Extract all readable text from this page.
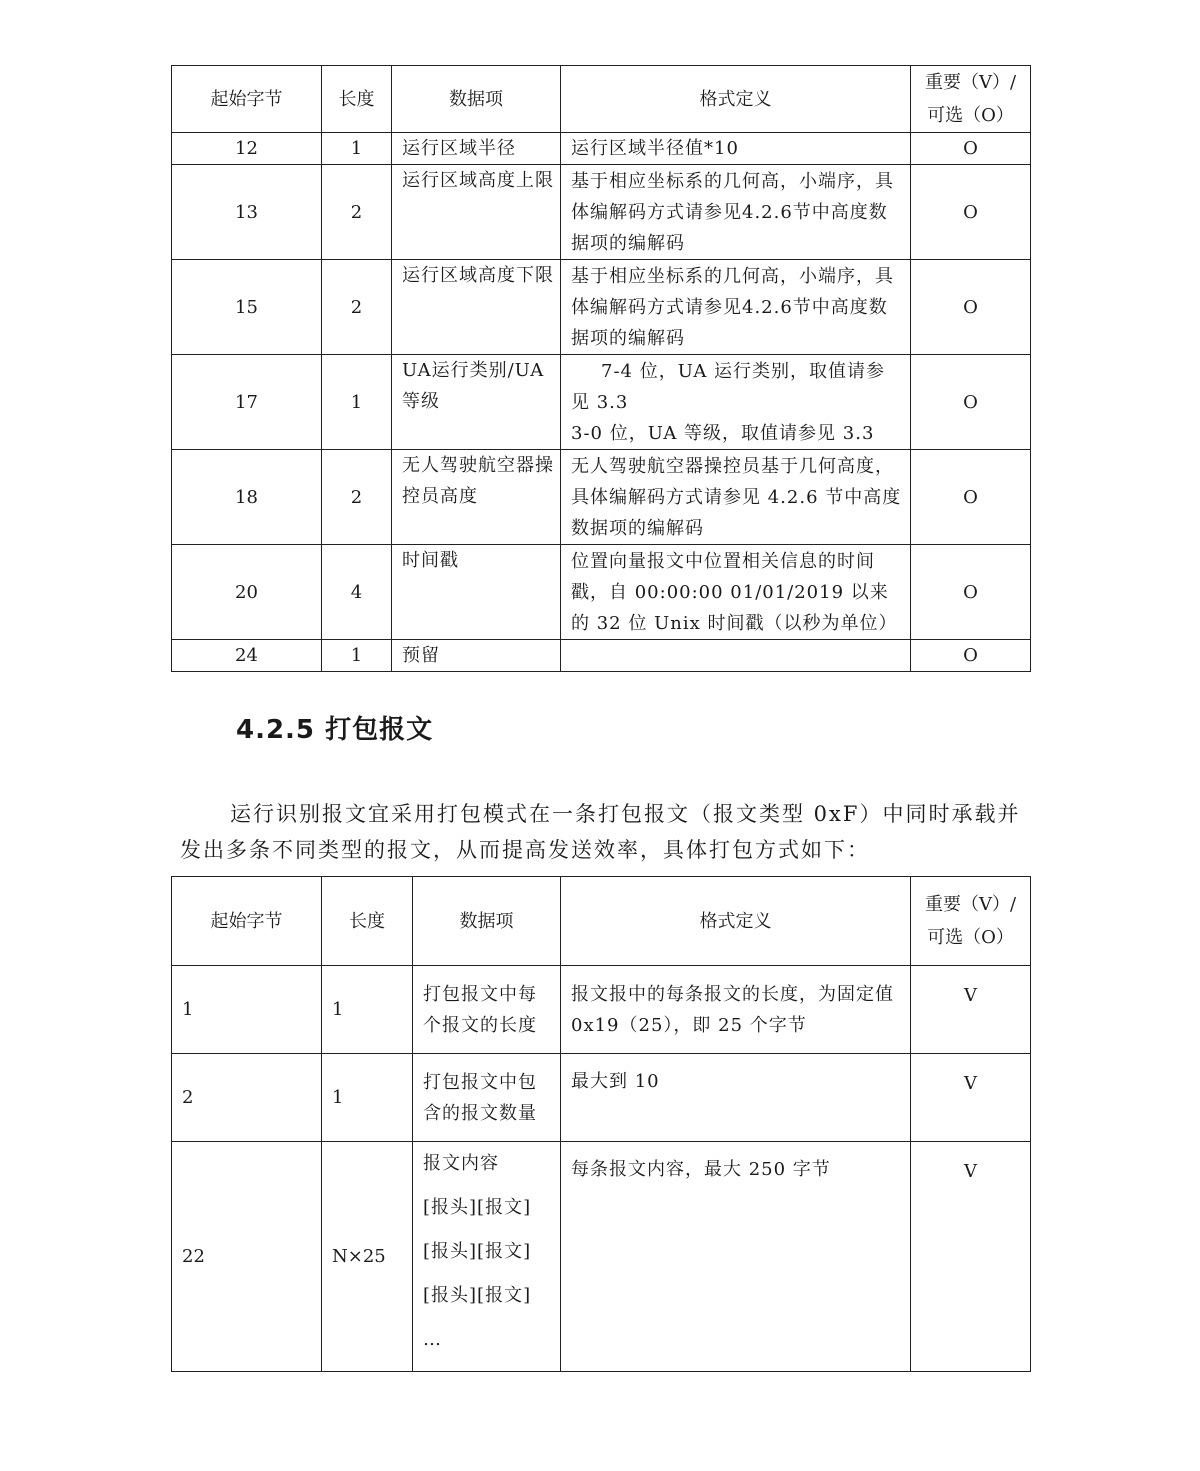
起始字节	长度	数据项	格式定义	重要（V）/
可选（O）

12	1	运行区域半径	运行区域半径值*10	O
13	2	运行区域高度上限	基于相应坐标系的几何高，小端序，具体编解码方式请参见4.2.6节中高度数据项的编解码	O
15	2	运行区域高度下限	基于相应坐标系的几何高，小端序，具体编解码方式请参见4.2.6节中高度数据项的编解码	O
17	1	UA运行类别/UA等级	7-4 位，UA 运行类别，取值请参见 3.3
3-0 位，UA 等级，取值请参见 3.3	O
18	2	无人驾驶航空器操控员高度	无人驾驶航空器操控员基于几何高度，具体编解码方式请参见 4.2.6 节中高度数据项的编解码	O
20	4	时间戳	位置向量报文中位置相关信息的时间戳，自 00:00:00 01/01/2019 以来的 32 位 Unix 时间戳（以秒为单位）	O
24	1	预留		O
4.2.5 打包报文

运行识别报文宜采用打包模式在一条打包报文（报文类型 0xF）中同时承载并发出多条不同类型的报文，从而提高发送效率，具体打包方式如下：

起始字节	长度	数据项	格式定义	重要（V）/
可选（O）

1	1	打包报文中每个报文的长度	报文报中的每条报文的长度，为固定值 0x19（25），即 25 个字节	V
2	1	打包报文中包含的报文数量	最大到 10	V
22	N×25	报文内容
[报头][报文]
[报头][报文]
[报头][报文]
…	每条报文内容，最大 250 字节	V
